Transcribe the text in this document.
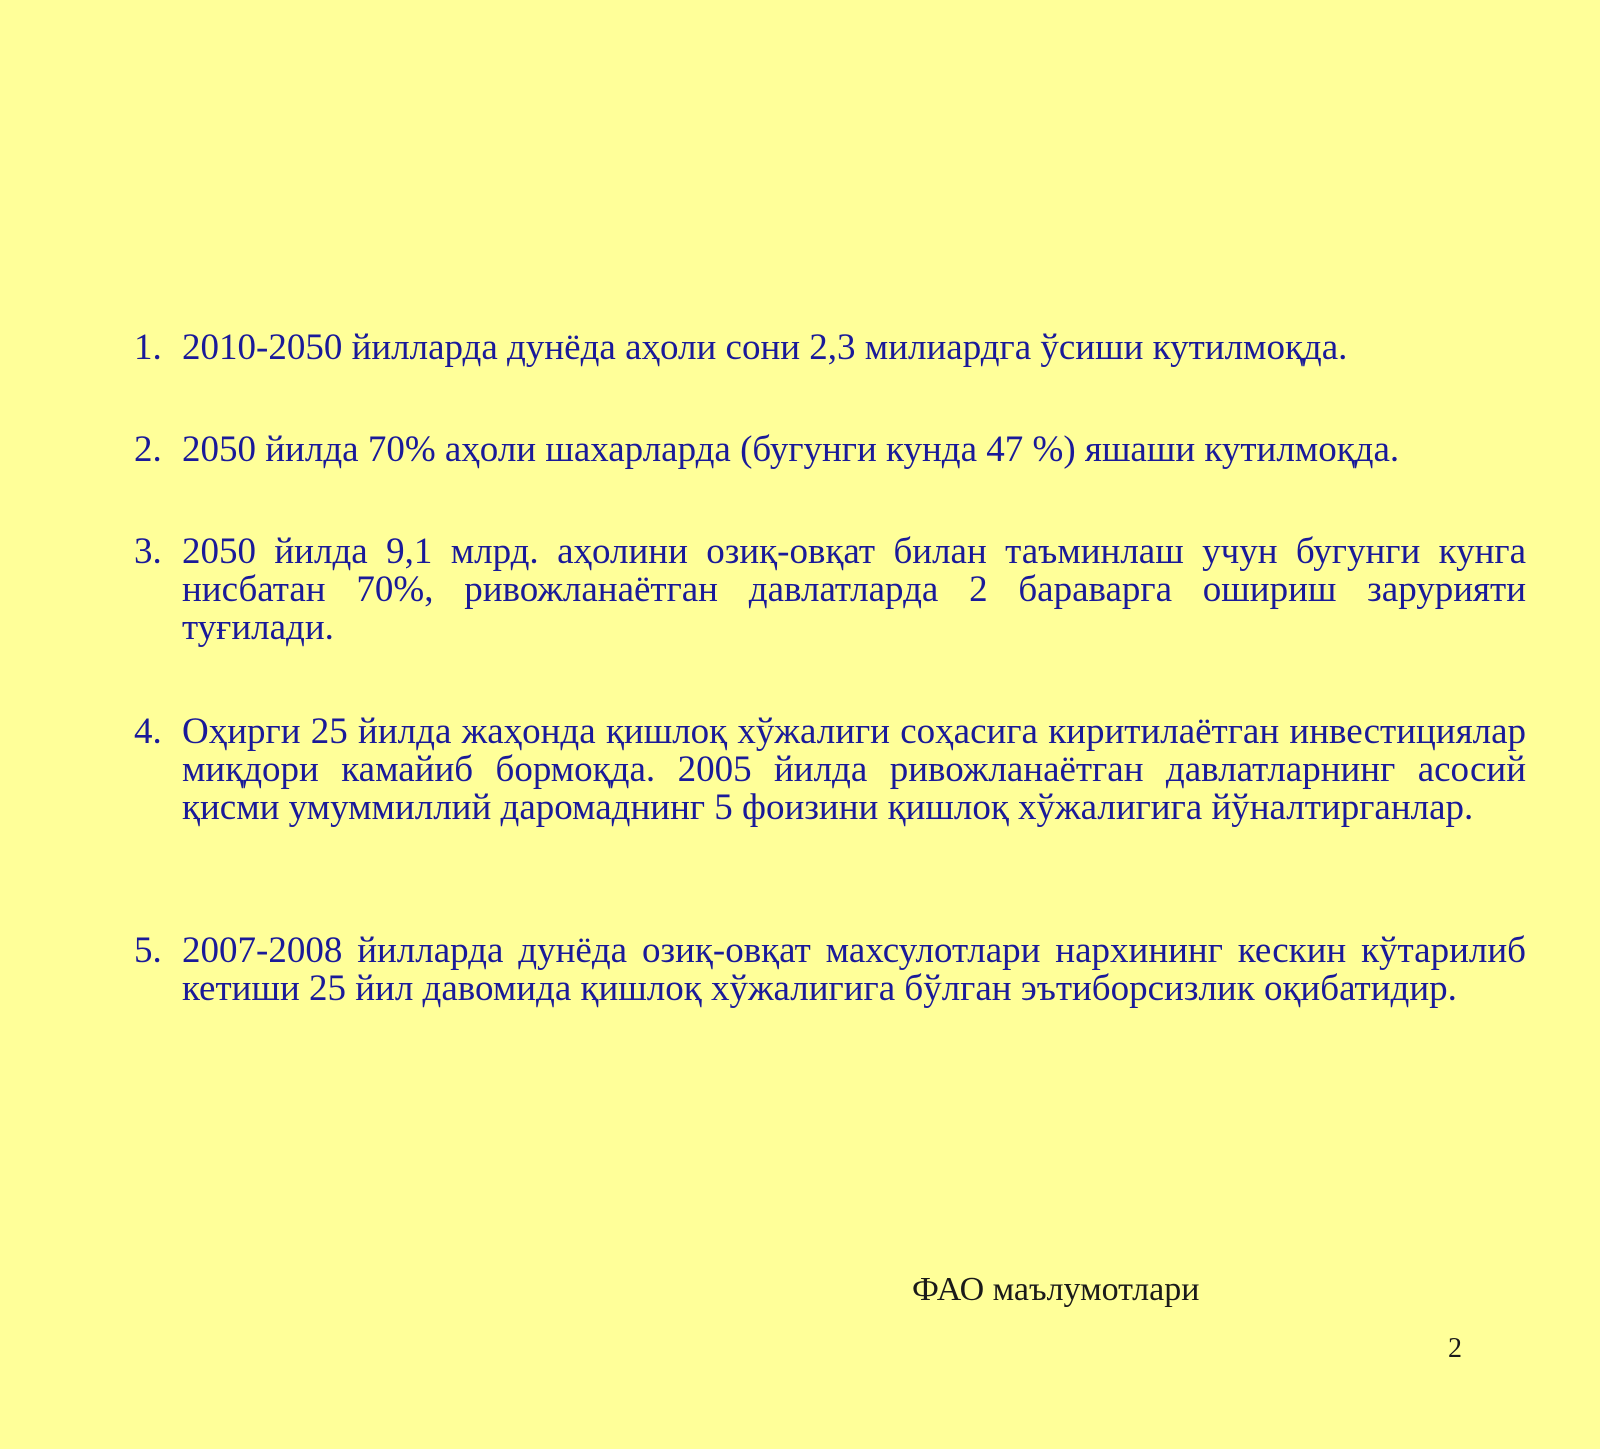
1. 2010-2050 йилларда дунёда аҳоли сони 2,3 милиардга ўсиши кутилмоқда.
2. 2050 йилда 70% аҳоли шахарларда (бугунги кунда 47 %) яшаши кутилмоқда.
3. 2050 йилда 9,1 млрд. аҳолини озиқ-овқат билан таъминлаш учун бугунги кунга нисбатан 70%, ривожланаётган давлатларда 2 бараварга ошириш зарурияти туғилади.
4. Оҳирги 25 йилда жаҳонда қишлоқ хўжалиги соҳасига киритилаётган инвестициялар миқдори камайиб бормоқда. 2005 йилда ривожланаётган давлатларнинг асосий қисми умуммиллий даромаднинг 5 фоизини қишлоқ хўжалигига йўналтирганлар.
5. 2007-2008 йилларда дунёда озиқ-овқат махсулотлари нархининг кескин кўтарилиб кетиши 25 йил давомида қишлоқ хўжалигига бўлган эътиборсизлик оқибатидир.
ФАО маълумотлари
2
